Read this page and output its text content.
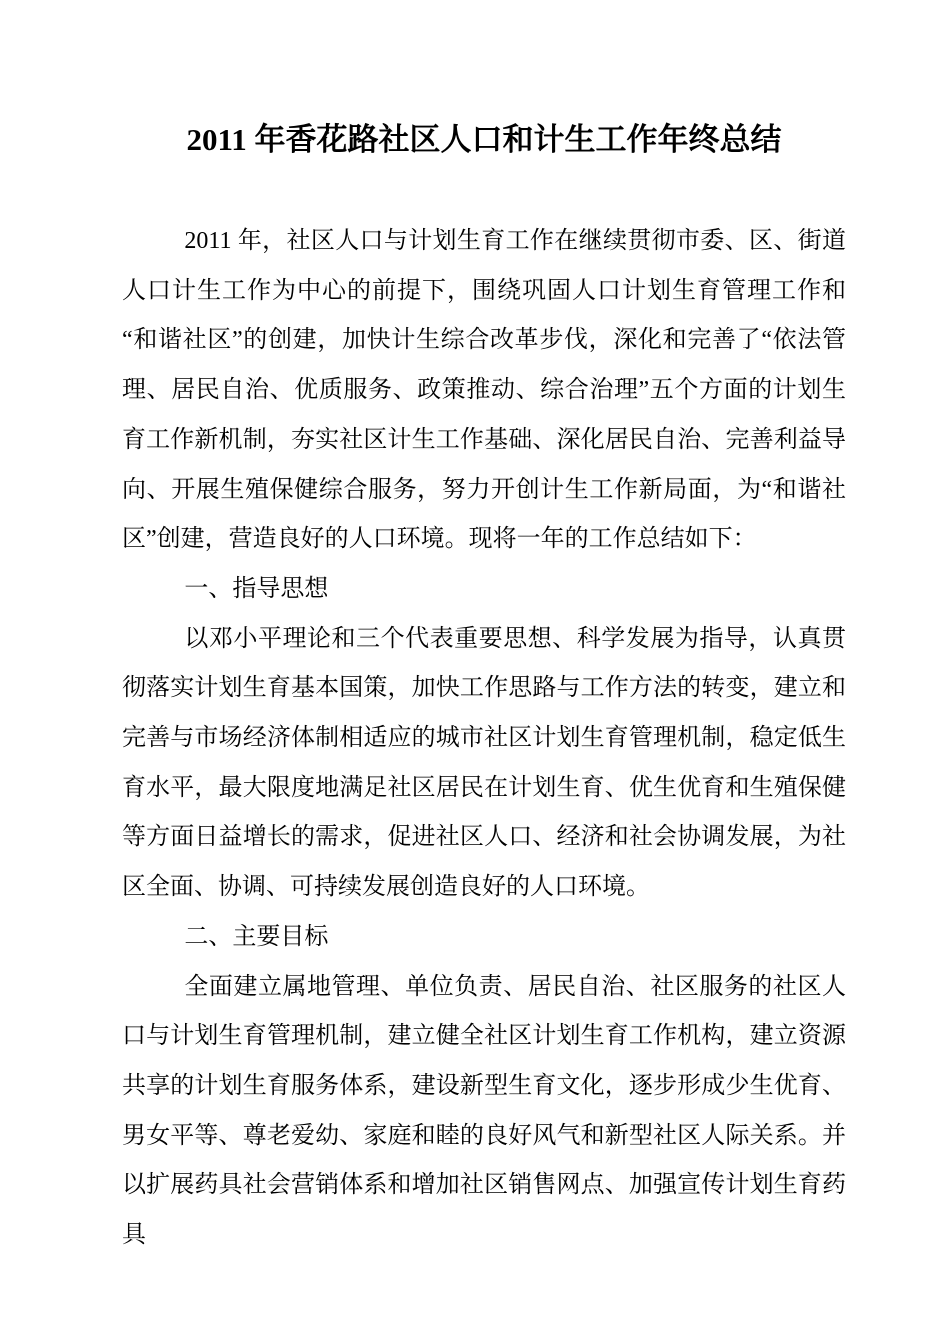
2011 年香花路社区人口和计生工作年终总结

2011 年，社区人口与计划生育工作在继续贯彻市委、区、街道人口计生工作为中心的前提下，围绕巩固人口计划生育管理工作和“和谐社区”的创建，加快计生综合改革步伐，深化和完善了“依法管理、居民自治、优质服务、政策推动、综合治理”五个方面的计划生育工作新机制，夯实社区计生工作基础、深化居民自治、完善利益导向、开展生殖保健综合服务，努力开创计生工作新局面，为“和谐社区”创建，营造良好的人口环境。现将一年的工作总结如下：

一、指导思想

以邓小平理论和三个代表重要思想、科学发展为指导，认真贯彻落实计划生育基本国策，加快工作思路与工作方法的转变，建立和完善与市场经济体制相适应的城市社区计划生育管理机制，稳定低生育水平，最大限度地满足社区居民在计划生育、优生优育和生殖保健等方面日益增长的需求，促进社区人口、经济和社会协调发展，为社区全面、协调、可持续发展创造良好的人口环境。

二、主要目标

全面建立属地管理、单位负责、居民自治、社区服务的社区人口与计划生育管理机制，建立健全社区计划生育工作机构，建立资源共享的计划生育服务体系，建设新型生育文化，逐步形成少生优育、男女平等、尊老爱幼、家庭和睦的良好风气和新型社区人际关系。并以扩展药具社会营销体系和增加社区销售网点、加强宣传计划生育药具
